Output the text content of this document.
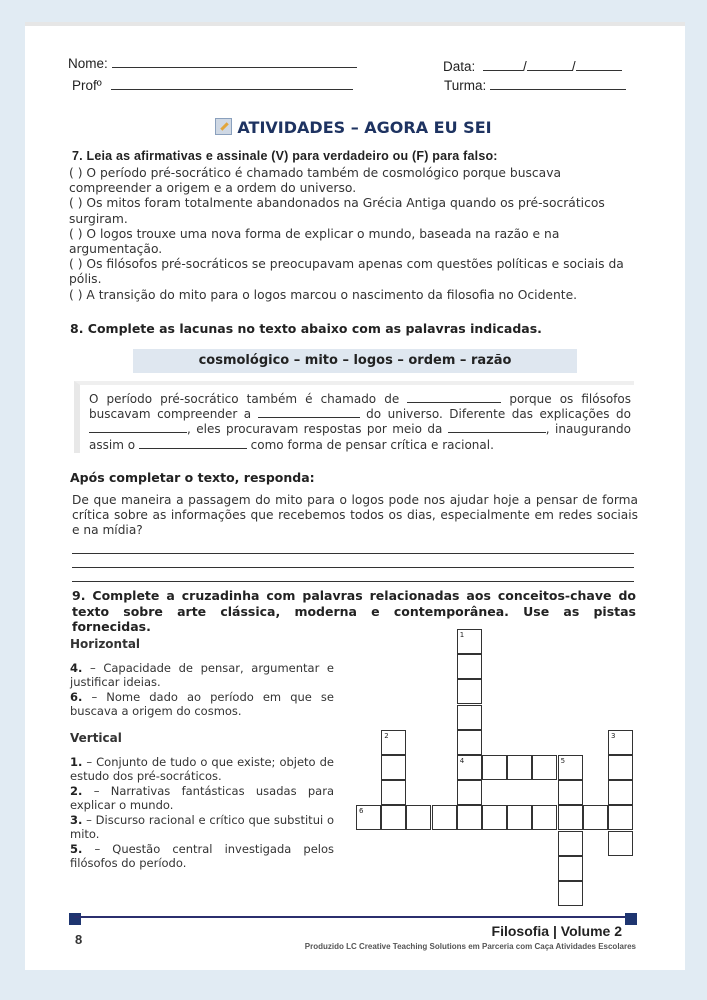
Nome:
Profº
Data:	/	/
Turma:
ATIVIDADES – AGORA EU SEI
7. Leia as afirmativas e assinale (V) para verdadeiro ou (F) para falso:

( ) O período pré-socrático é chamado também de cosmológico porque buscava compreender a origem e a ordem do universo.

( ) Os mitos foram totalmente abandonados na Grécia Antiga quando os pré-socráticos surgiram.

( ) O logos trouxe uma nova forma de explicar o mundo, baseada na razão e na argumentação.

( ) Os filósofos pré-socráticos se preocupavam apenas com questões políticas e sociais da pólis.

( ) A transição do mito para o logos marcou o nascimento da filosofia no Ocidente.

8. Complete as lacunas no texto abaixo com as palavras indicadas.
cosmológico – mito – logos – ordem – razão
O período pré-socrático também é chamado de	porque os filósofos buscavam compreender a	do universo. Diferente das explicações do , eles procuravam respostas por meio da	, inaugurando assim o	como forma de pensar crítica e racional.
Após completar o texto, responda:
De que maneira a passagem do mito para o logos pode nos ajudar hoje a pensar de forma crítica sobre as informações que recebemos todos os dias, especialmente em redes sociais e na mídia?
9. Complete a cruzadinha com palavras relacionadas aos conceitos-chave do texto sobre arte clássica, moderna e contemporânea. Use as pistas fornecidas.
Horizontal
4. – Capacidade de pensar, argumentar e justificar ideias.
6. – Nome dado ao período em que se buscava a origem do cosmos.
Vertical
1. – Conjunto de tudo o que existe; objeto de estudo dos pré-socráticos.
2. – Narrativas fantásticas usadas para explicar o mundo.
3. – Discurso racional e crítico que substitui o mito.
5. – Questão central investigada pelos filósofos do período.
1
4
2	3
5
6
8
Filosofia | Volume 2
Produzido LC Creative Teaching Solutions em Parceria com Caça Atividades Escolares
